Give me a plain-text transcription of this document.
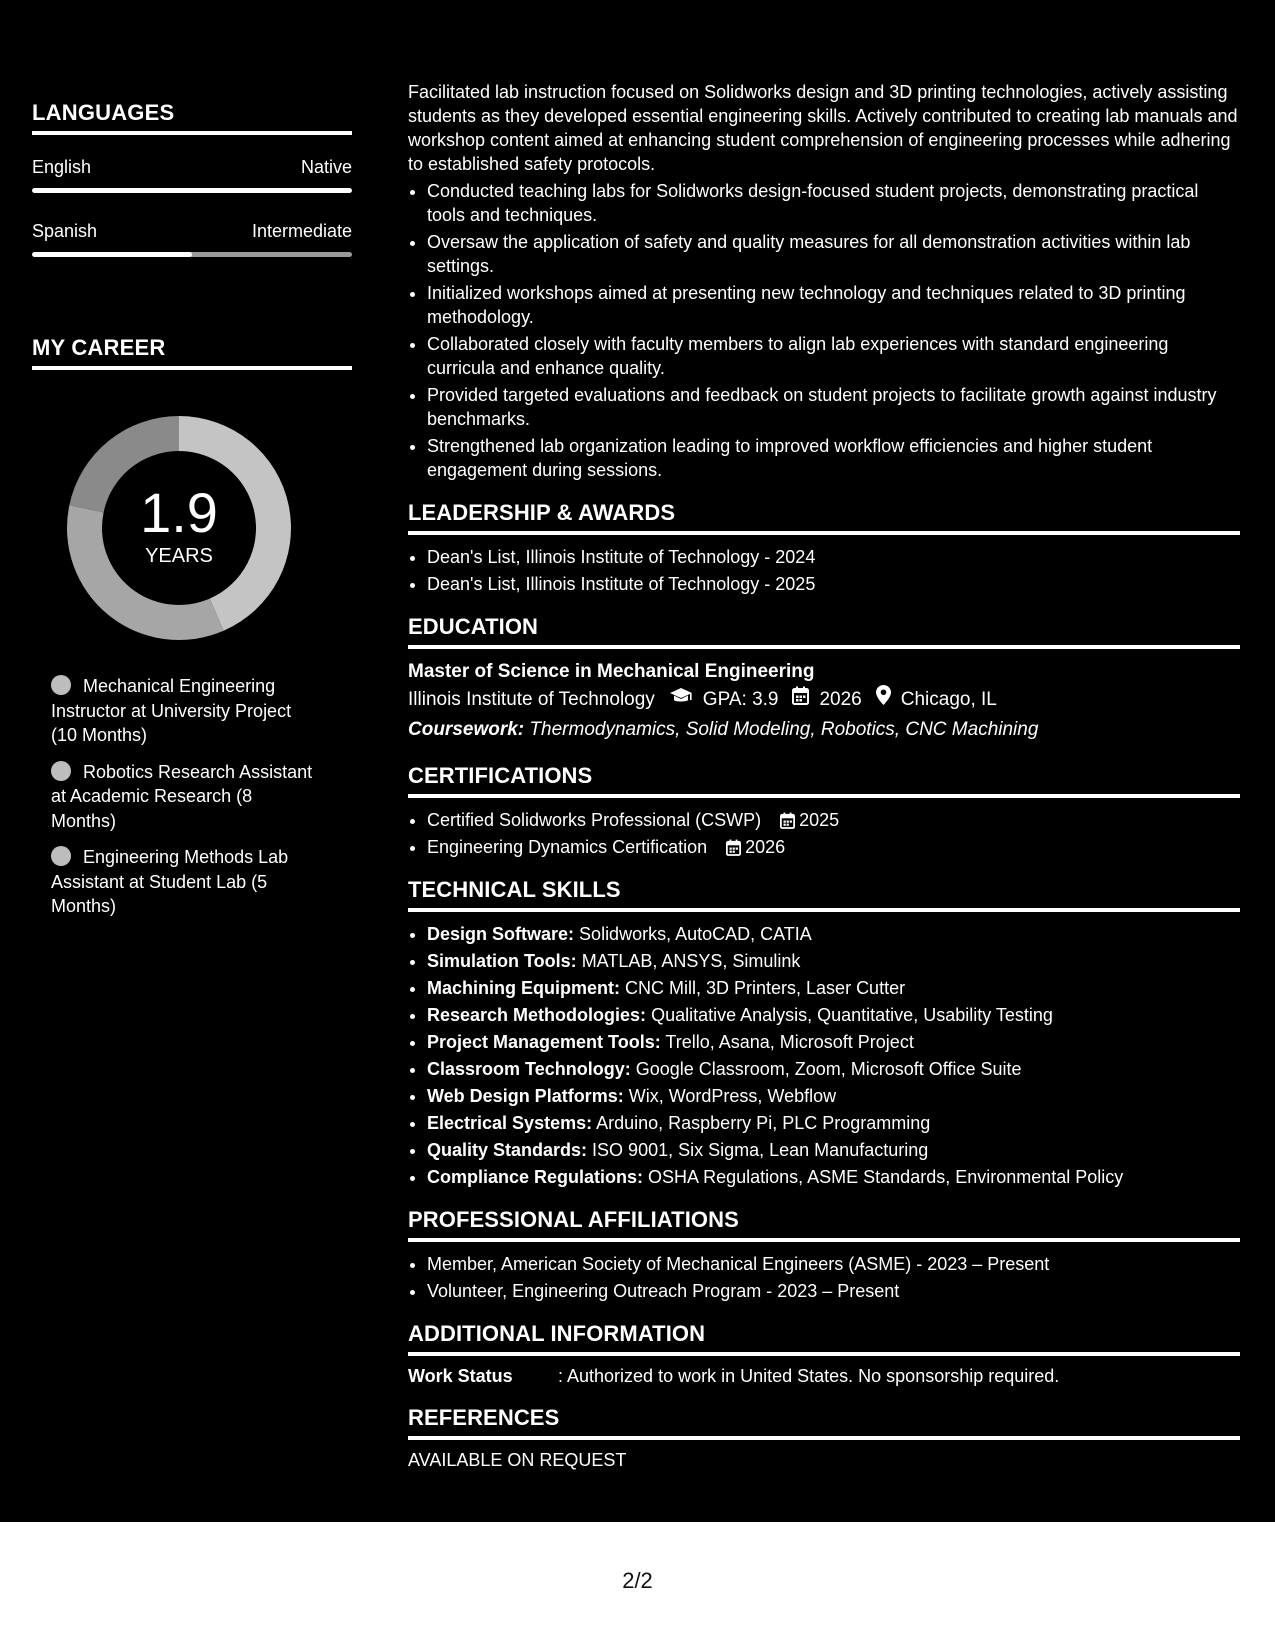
LANGUAGES
English	Native
Spanish	Intermediate
MY CAREER
1.9
YEARS
Mechanical Engineering Instructor at University Project (10 Months)
Robotics Research Assistant at Academic Research (8 Months)
Engineering Methods Lab Assistant at Student Lab (5 Months)

Facilitated lab instruction focused on Solidworks design and 3D printing technologies, actively assisting students as they developed essential engineering skills. Actively contributed to creating lab manuals and workshop content aimed at enhancing student comprehension of engineering processes while adhering to established safety protocols.

• Conducted teaching labs for Solidworks design-focused student projects, demonstrating practical tools and techniques.
• Oversaw the application of safety and quality measures for all demonstration activities within lab settings.
• Initialized workshops aimed at presenting new technology and techniques related to 3D printing methodology.
• Collaborated closely with faculty members to align lab experiences with standard engineering curricula and enhance quality.
• Provided targeted evaluations and feedback on student projects to facilitate growth against industry benchmarks.
• Strengthened lab organization leading to improved workflow efficiencies and higher student engagement during sessions.
LEADERSHIP & AWARDS
• Dean's List, Illinois Institute of Technology - 2024
• Dean's List, Illinois Institute of Technology - 2025
EDUCATION
Master of Science in Mechanical Engineering
Illinois Institute of Technology	GPA: 3.9 2026 Chicago, IL
Coursework: Thermodynamics, Solid Modeling, Robotics, CNC Machining
CERTIFICATIONS
• Certified Solidworks Professional (CSWP) 2025
• Engineering Dynamics Certification 2026
TECHNICAL SKILLS
• Design Software: Solidworks, AutoCAD, CATIA
• Simulation Tools: MATLAB, ANSYS, Simulink
• Machining Equipment: CNC Mill, 3D Printers, Laser Cutter
• Research Methodologies: Qualitative Analysis, Quantitative, Usability Testing
• Project Management Tools: Trello, Asana, Microsoft Project
• Classroom Technology: Google Classroom, Zoom, Microsoft Office Suite
• Web Design Platforms: Wix, WordPress, Webflow
• Electrical Systems: Arduino, Raspberry Pi, PLC Programming
• Quality Standards: ISO 9001, Six Sigma, Lean Manufacturing
• Compliance Regulations: OSHA Regulations, ASME Standards, Environmental Policy
PROFESSIONAL AFFILIATIONS
• Member, American Society of Mechanical Engineers (ASME) - 2023 – Present
• Volunteer, Engineering Outreach Program - 2023 – Present
ADDITIONAL INFORMATION
Work Status	: Authorized to work in United States. No sponsorship required.
REFERENCES
AVAILABLE ON REQUEST
2/2
